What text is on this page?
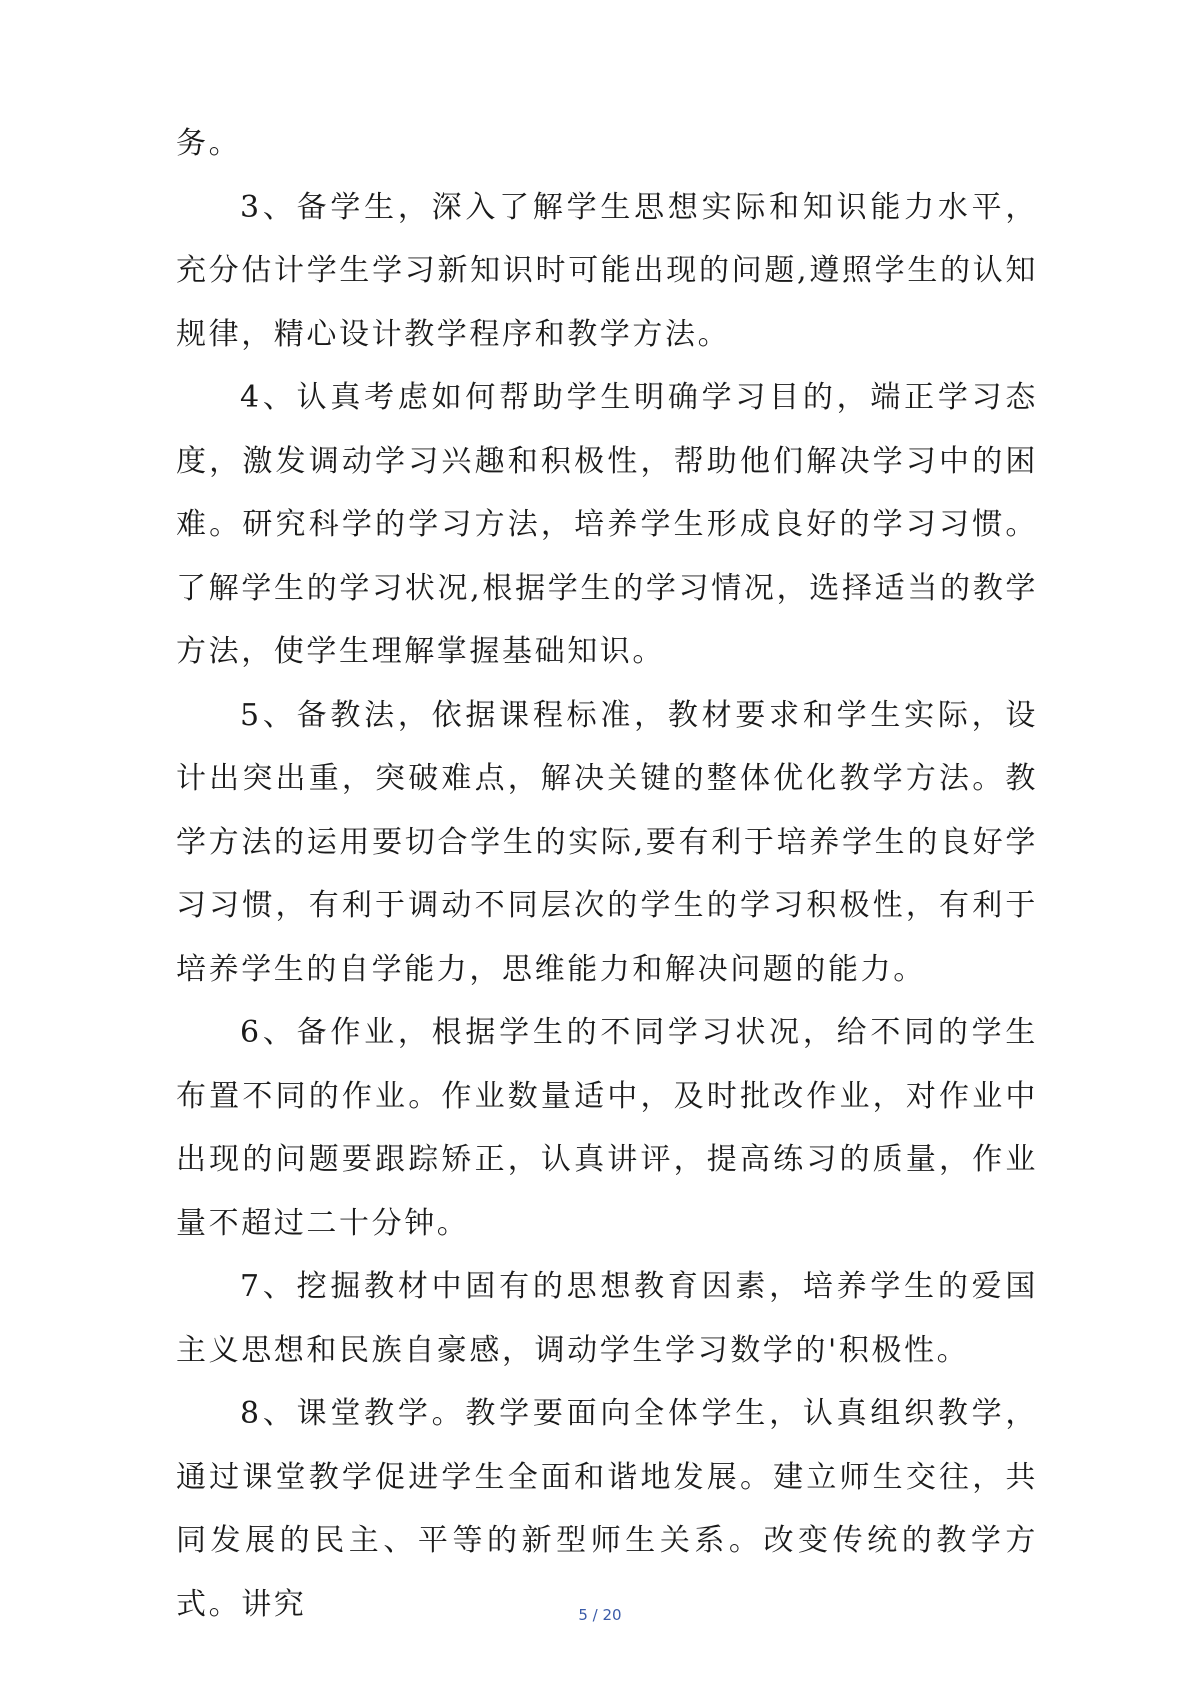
务。

3、备学生，深入了解学生思想实际和知识能力水平，充分估计学生学习新知识时可能出现的问题,遵照学生的认知规律，精心设计教学程序和教学方法。

4、认真考虑如何帮助学生明确学习目的，端正学习态度，激发调动学习兴趣和积极性，帮助他们解决学习中的困难。研究科学的学习方法，培养学生形成良好的学习习惯。了解学生的学习状况,根据学生的学习情况，选择适当的教学方法，使学生理解掌握基础知识。

5、备教法，依据课程标准，教材要求和学生实际，设计出突出重，突破难点，解决关键的整体优化教学方法。教学方法的运用要切合学生的实际,要有利于培养学生的良好学习习惯，有利于调动不同层次的学生的学习积极性，有利于培养学生的自学能力，思维能力和解决问题的能力。

6、备作业，根据学生的不同学习状况，给不同的学生布置不同的作业。作业数量适中，及时批改作业，对作业中出现的问题要跟踪矫正，认真讲评，提高练习的质量，作业量不超过二十分钟。

7、挖掘教材中固有的思想教育因素，培养学生的爱国主义思想和民族自豪感，调动学生学习数学的'积极性。

8、课堂教学。教学要面向全体学生，认真组织教学，通过课堂教学促进学生全面和谐地发展。建立师生交往，共同发展的民主、平等的新型师生关系。改变传统的教学方式。讲究	5 / 20
